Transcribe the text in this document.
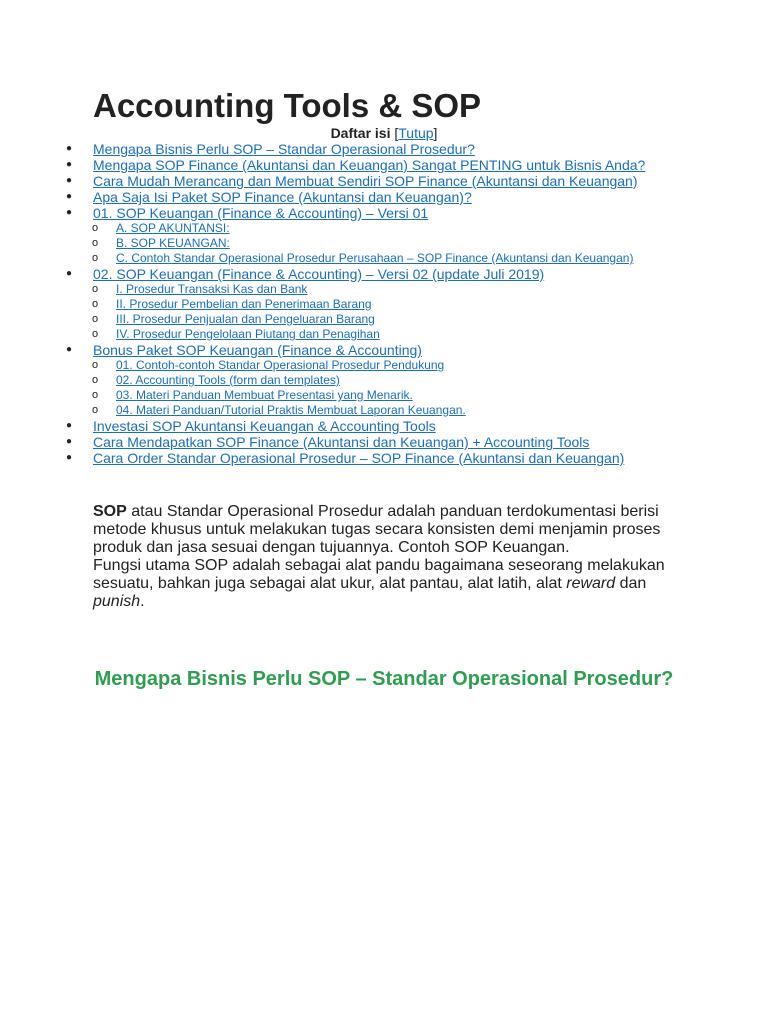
Accounting Tools & SOP
Daftar isi [Tutup]
● Mengapa Bisnis Perlu SOP – Standar Operasional Prosedur?
● Mengapa SOP Finance (Akuntansi dan Keuangan) Sangat PENTING untuk Bisnis Anda?
● Cara Mudah Merancang dan Membuat Sendiri SOP Finance (Akuntansi dan Keuangan)
● Apa Saja Isi Paket SOP Finance (Akuntansi dan Keuangan)?
● 01. SOP Keuangan (Finance & Accounting) – Versi 01
o A. SOP AKUNTANSI:
o B. SOP KEUANGAN:
o C. Contoh Standar Operasional Prosedur Perusahaan – SOP Finance (Akuntansi dan Keuangan)
● 02. SOP Keuangan (Finance & Accounting) – Versi 02 (update Juli 2019)
o I. Prosedur Transaksi Kas dan Bank
o II. Prosedur Pembelian dan Penerimaan Barang
o III. Prosedur Penjualan dan Pengeluaran Barang
o IV. Prosedur Pengelolaan Piutang dan Penagihan
● Bonus Paket SOP Keuangan (Finance & Accounting)
o 01. Contoh-contoh Standar Operasional Prosedur Pendukung
o 02. Accounting Tools (form dan templates)
o 03. Materi Panduan Membuat Presentasi yang Menarik.
o 04. Materi Panduan/Tutorial Praktis Membuat Laporan Keuangan.
● Investasi SOP Akuntansi Keuangan & Accounting Tools
● Cara Mendapatkan SOP Finance (Akuntansi dan Keuangan) + Accounting Tools
● Cara Order Standar Operasional Prosedur – SOP Finance (Akuntansi dan Keuangan)

SOP atau Standar Operasional Prosedur adalah panduan terdokumentasi berisi metode khusus untuk melakukan tugas secara konsisten demi menjamin proses produk dan jasa sesuai dengan tujuannya. Contoh SOP Keuangan.

Fungsi utama SOP adalah sebagai alat pandu bagaimana seseorang melakukan sesuatu, bahkan juga sebagai alat ukur, alat pantau, alat latih, alat reward dan punish.

Mengapa Bisnis Perlu SOP – Standar Operasional Prosedur?
